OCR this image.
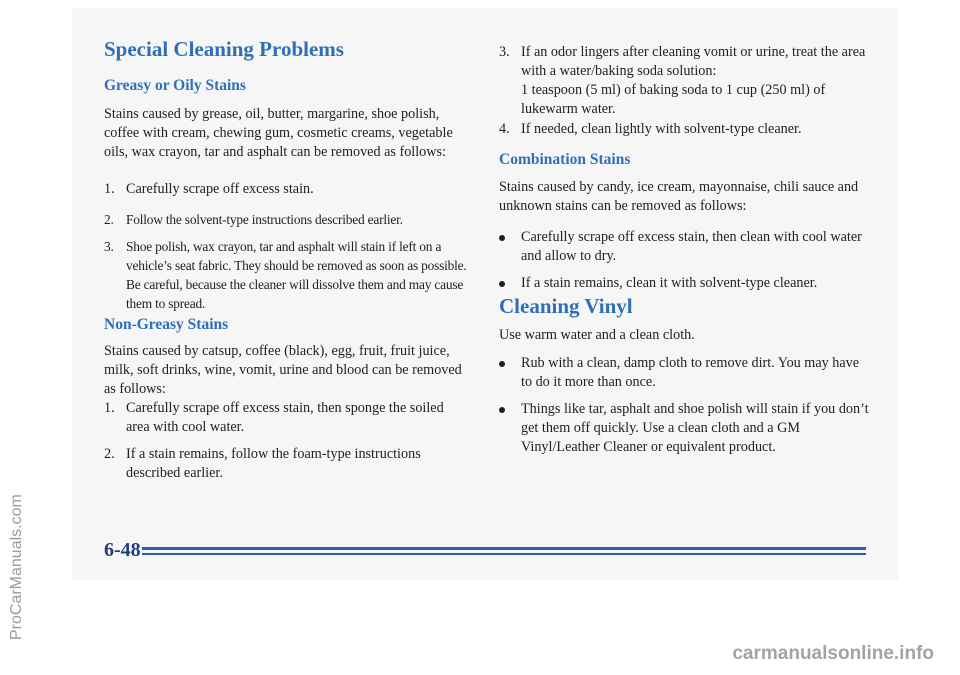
Special Cleaning Problems
Greasy or Oily Stains

Stains caused by grease, oil, butter, margarine, shoe polish, coffee with cream, chewing gum, cosmetic creams, vegetable oils, wax crayon, tar and asphalt can be removed as follows:

1. Carefully scrape off excess stain.
2. Follow the solvent-type instructions described earlier.
3. Shoe polish, wax crayon, tar and asphalt will stain if left on a vehicle’s seat fabric. They should be removed as soon as possible. Be careful, because the cleaner will dissolve them and may cause them to spread.
Non-Greasy Stains

Stains caused by catsup, coffee (black), egg, fruit, fruit juice, milk, soft drinks, wine, vomit, urine and blood can be removed as follows:

1. Carefully scrape off excess stain, then sponge the soiled area with cool water.
2. If a stain remains, follow the foam-type instructions described earlier.
3. If an odor lingers after cleaning vomit or urine, treat the area with a water/baking soda solution:
1 teaspoon (5 ml) of baking soda to 1 cup (250 ml) of lukewarm water.
4. If needed, clean lightly with solvent-type cleaner.
Combination Stains

Stains caused by candy, ice cream, mayonnaise, chili sauce and unknown stains can be removed as follows:

Carefully scrape off excess stain, then clean with cool water and allow to dry.
If a stain remains, clean it with solvent-type cleaner.
Cleaning Vinyl

Use warm water and a clean cloth.

Rub with a clean, damp cloth to remove dirt. You may have to do it more than once.
Things like tar, asphalt and shoe polish will stain if you don’t get them off quickly. Use a clean cloth and a GM Vinyl/Leather Cleaner or equivalent product.
6-48
ProCarManuals.com
carmanualsonline.info
